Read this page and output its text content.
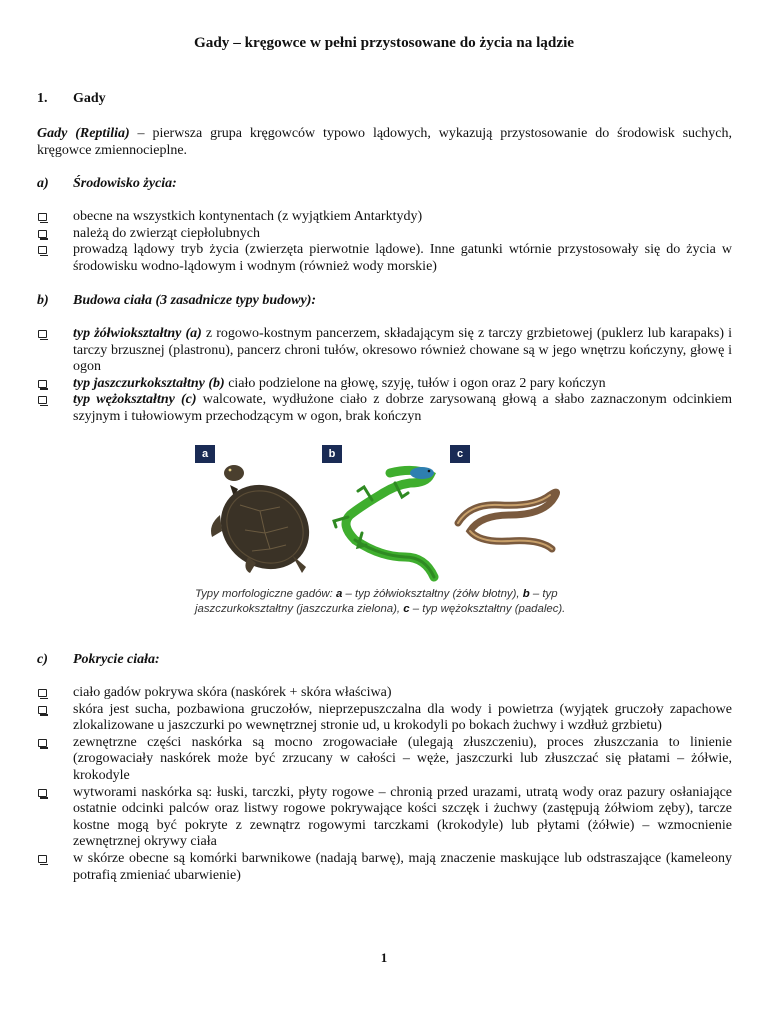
Gady – kręgowce w pełni przystosowane do życia na lądzie
1. Gady
Gady (Reptilia) – pierwsza grupa kręgowców typowo lądowych, wykazują przystosowanie do środowisk suchych, kręgowce zmiennocieplne.
a) Środowisko życia:
obecne na wszystkich kontynentach (z wyjątkiem Antarktydy)
należą do zwierząt ciepłolubnych
prowadzą lądowy tryb życia (zwierzęta pierwotnie lądowe). Inne gatunki wtórnie przystosowały się do życia w środowisku wodno-lądowym i wodnym (również wody morskie)
b) Budowa ciała (3 zasadnicze typy budowy):
typ żółwiokształtny (a) z rogowo-kostnym pancerzem, składającym się z tarczy grzbietowej (puklerz lub karapaks) i tarczy brzusznej (plastronu), pancerz chroni tułów, okresowo również chowane są w jego wnętrzu kończyny, głowę i ogon
typ jaszczurkokształtny (b) ciało podzielone na głowę, szyję, tułów i ogon oraz 2 pary kończyn
typ wężokształtny (c) walcowate, wydłużone ciało z dobrze zarysowaną głową a słabo zaznaczonym odcinkiem szyjnym i tułowiowym przechodzącym w ogon, brak kończyn
a	b	c
Typy morfologiczne gadów: a – typ żółwiokształtny (żółw błotny), b – typ jaszczurkokształtny (jaszczurka zielona), c – typ wężokształtny (padalec).
c) Pokrycie ciała:
ciało gadów pokrywa skóra (naskórek + skóra właściwa)
skóra jest sucha, pozbawiona gruczołów, nieprzepuszczalna dla wody i powietrza (wyjątek gruczoły zapachowe zlokalizowane u jaszczurki po wewnętrznej stronie ud, u krokodyli po bokach żuchwy i wzdłuż grzbietu)
zewnętrzne części naskórka są mocno zrogowaciałe (ulegają złuszczeniu), proces złuszczania to linienie (zrogowaciały naskórek może być zrzucany w całości – węże, jaszczurki lub złuszczać się płatami – żółwie, krokodyle
wytworami naskórka są: łuski, tarczki, płyty rogowe – chronią przed urazami, utratą wody oraz pazury osłaniające ostatnie odcinki palców oraz listwy rogowe pokrywające kości szczęk i żuchwy (zastępują żółwiom zęby), tarcze kostne mogą być pokryte z zewnątrz rogowymi tarczkami (krokodyle) lub płytami (żółwie) – wzmocnienie zewnętrznej okrywy ciała
w skórze obecne są komórki barwnikowe (nadają barwę), mają znaczenie maskujące lub odstraszające (kameleony potrafią zmieniać ubarwienie)
1
